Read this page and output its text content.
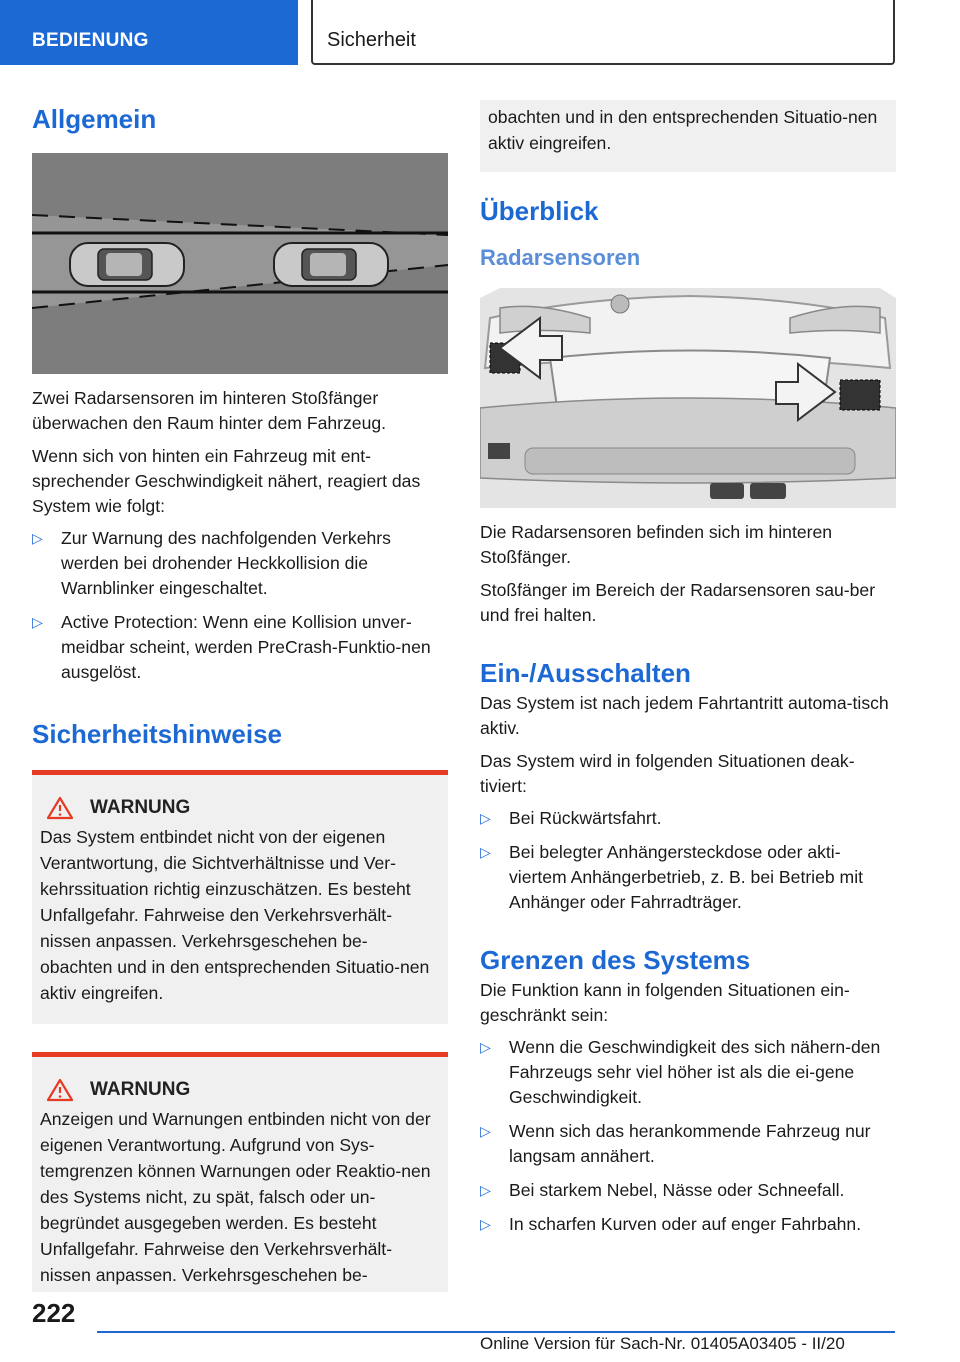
BEDIENUNG	Sicherheit
Allgemein

Zwei Radarsensoren im hinteren Stoßfänger überwachen den Raum hinter dem Fahrzeug.

Wenn sich von hinten ein Fahrzeug mit ent-sprechender Geschwindigkeit nähert, reagiert das System wie folgt:

▷ Zur Warnung des nachfolgenden Verkehrs werden bei drohender Heckkollision die Warnblinker eingeschaltet.
▷ Active Protection: Wenn eine Kollision unver-meidbar scheint, werden PreCrash-Funktio-nen ausgelöst.
Sicherheitshinweise
WARNUNG

Das System entbindet nicht von der eigenen Verantwortung, die Sichtverhältnisse und Ver-kehrssituation richtig einzuschätzen. Es besteht Unfallgefahr. Fahrweise den Verkehrsverhält-nissen anpassen. Verkehrsgeschehen be-obachten und in den entsprechenden Situatio-nen aktiv eingreifen.

WARNUNG

Anzeigen und Warnungen entbinden nicht von der eigenen Verantwortung. Aufgrund von Sys-temgrenzen können Warnungen oder Reaktio-nen des Systems nicht, zu spät, falsch oder un-begründet ausgegeben werden. Es besteht Unfallgefahr. Fahrweise den Verkehrsverhält-nissen anpassen. Verkehrsgeschehen be-

obachten und in den entsprechenden Situatio-nen aktiv eingreifen.

Überblick
Radarsensoren

Die Radarsensoren befinden sich im hinteren Stoßfänger.

Stoßfänger im Bereich der Radarsensoren sau-ber und frei halten.

Ein-/Ausschalten

Das System ist nach jedem Fahrtantritt automa-tisch aktiv.

Das System wird in folgenden Situationen deak-tiviert:

▷ Bei Rückwärtsfahrt.
▷ Bei belegter Anhängersteckdose oder akti-viertem Anhängerbetrieb, z. B. bei Betrieb mit Anhänger oder Fahrradträger.
Grenzen des Systems

Die Funktion kann in folgenden Situationen ein-geschränkt sein:

▷ Wenn die Geschwindigkeit des sich nähern-den Fahrzeugs sehr viel höher ist als die ei-gene Geschwindigkeit.
▷ Wenn sich das herankommende Fahrzeug nur langsam annähert.
▷ Bei starkem Nebel, Nässe oder Schneefall.
▷ In scharfen Kurven oder auf enger Fahrbahn.
222
Online Version für Sach-Nr. 01405A03405 - II/20
